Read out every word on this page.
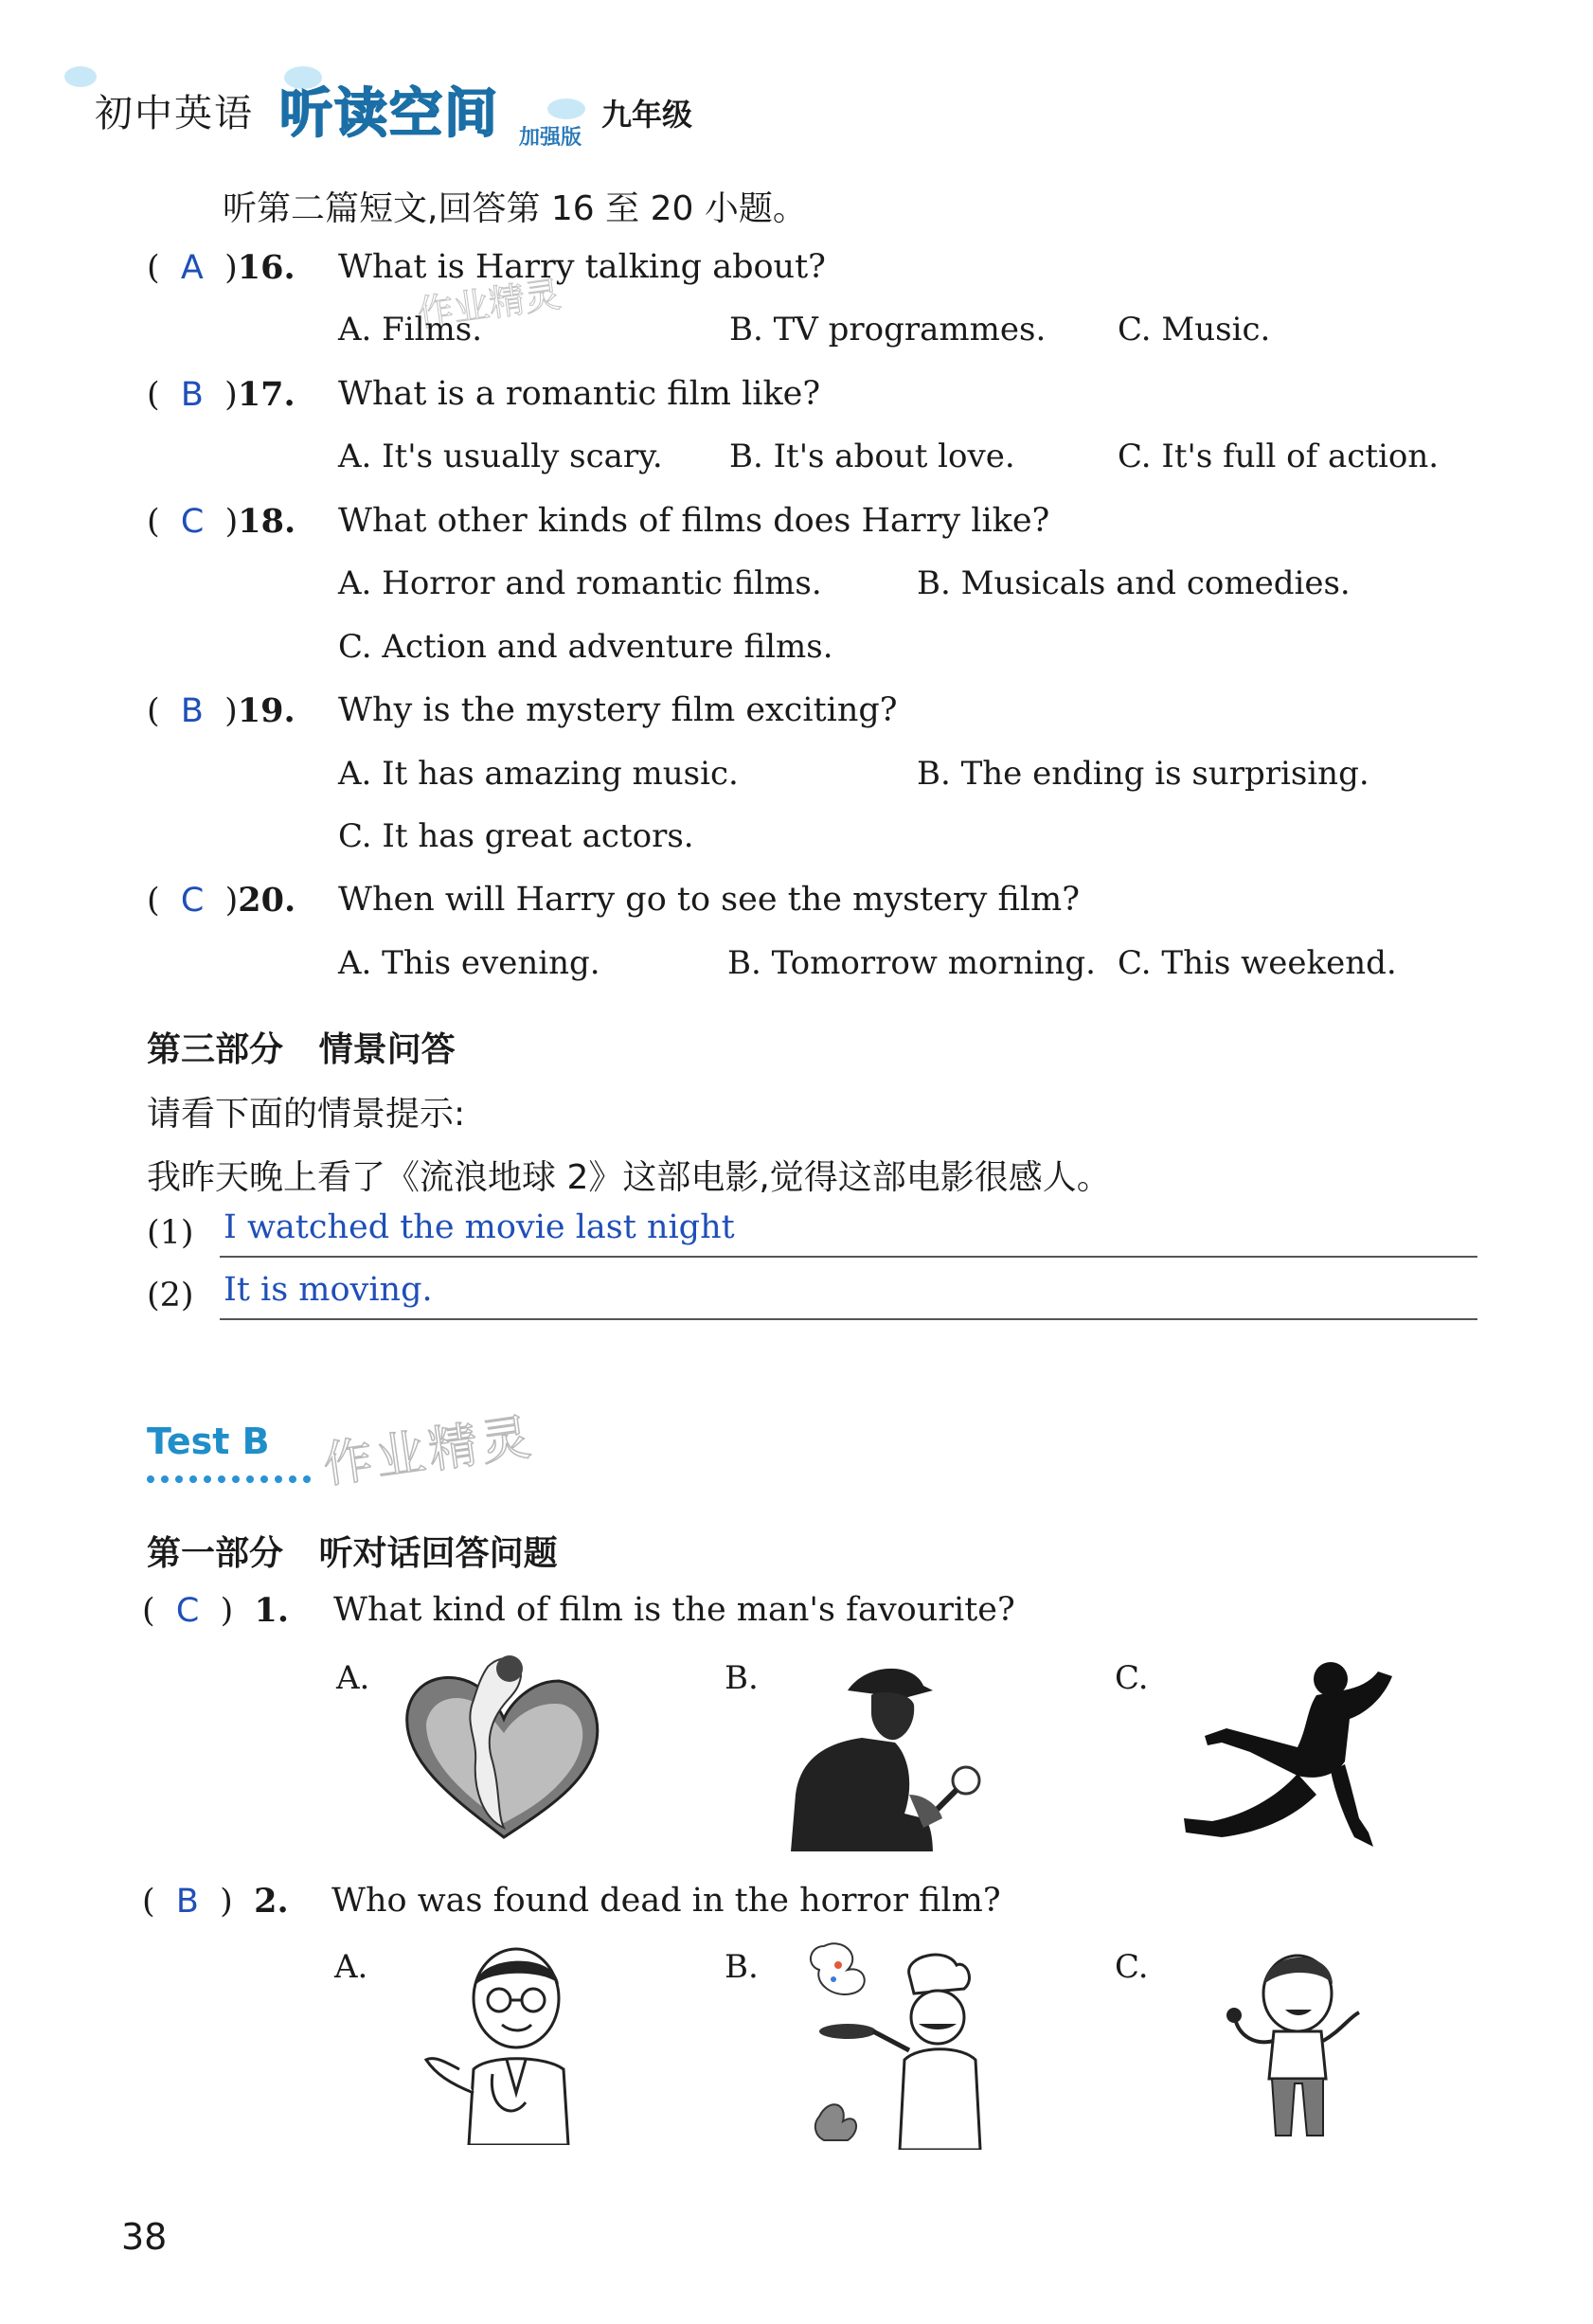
初中英语 听读空间 加强版
九年级
听第二篇短文,回答第 16 至 20 小题。
(  A  )16. What is Harry talking about?
作业精灵
A. Films.	B. TV programmes. C. Music.
(  B  )17. What is a romantic film like?
A. It's usually scary. B. It's about love.	C. It's full of action.
(  C  )18. What other kinds of films does Harry like?
A. Horror and romantic films.	B. Musicals and comedies.
C. Action and adventure films.
(  B  )19. Why is the mystery film exciting?
A. It has amazing music.	B. The ending is surprising.
C. It has great actors.
(  C  )20. When will Harry go to see the mystery film?
A. This evening.	B. Tomorrow morning. C. This weekend.
第三部分   情景问答
请看下面的情景提示:
我昨天晚上看了《流浪地球 2》这部电影,觉得这部电影很感人。
(1) I watched the movie last night
(2) It is moving.
Test B 作业精灵
第一部分   听对话回答问题
(  C  )  1. What kind of film is the man's favourite?
A.	B.	C.
(  B  )  2. Who was found dead in the horror film?
A.	B.	C.
38
